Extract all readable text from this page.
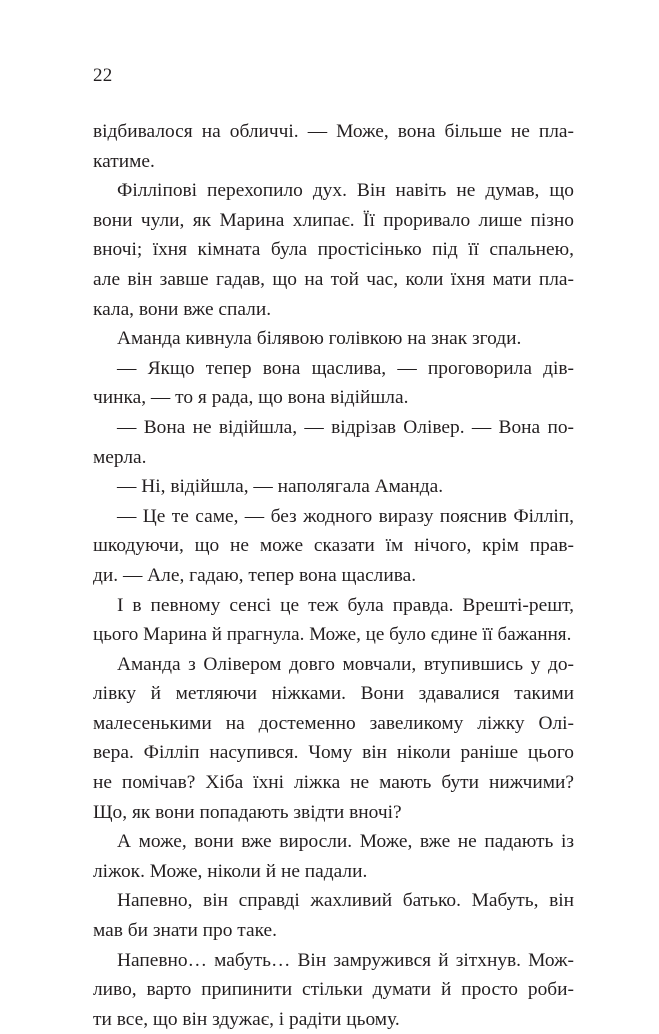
22
відбивалося на обличчі. — Може, вона більше не пла-
катиме.
Філліпові перехопило дух. Він навіть не думав, що
вони чули, як Марина хлипає. Її проривало лише пізно
вночі; їхня кімната була простісінько під її спальнею,
але він завше гадав, що на той час, коли їхня мати пла-
кала, вони вже спали.
Аманда кивнула білявою голівкою на знак згоди.
— Якщо тепер вона щаслива, — проговорила дів-
чинка, — то я рада, що вона відійшла.
— Вона не відійшла, — відрізав Олівер. — Вона по-
мерла.
— Ні, відійшла, — наполягала Аманда.
— Це те саме, — без жодного виразу пояснив Філліп,
шкодуючи, що не може сказати їм нічого, крім прав-
ди. — Але, гадаю, тепер вона щаслива.
І в певному сенсі це теж була правда. Врешті-решт,
цього Марина й прагнула. Може, це було єдине її бажання.
Аманда з Олівером довго мовчали, втупившись у до-
лівку й метляючи ніжками. Вони здавалися такими
малесенькими на достеменно завеликому ліжку Олі-
вера. Філліп насупився. Чому він ніколи раніше цього
не помічав? Хіба їхні ліжка не мають бути нижчими?
Що, як вони попадають звідти вночі?
А може, вони вже виросли. Може, вже не падають із
ліжок. Може, ніколи й не падали.
Напевно, він справді жахливий батько. Мабуть, він
мав би знати про таке.
Напевно… мабуть… Він замружився й зітхнув. Мож-
ливо, варто припинити стільки думати й просто роби-
ти все, що він здужає, і радіти цьому.
